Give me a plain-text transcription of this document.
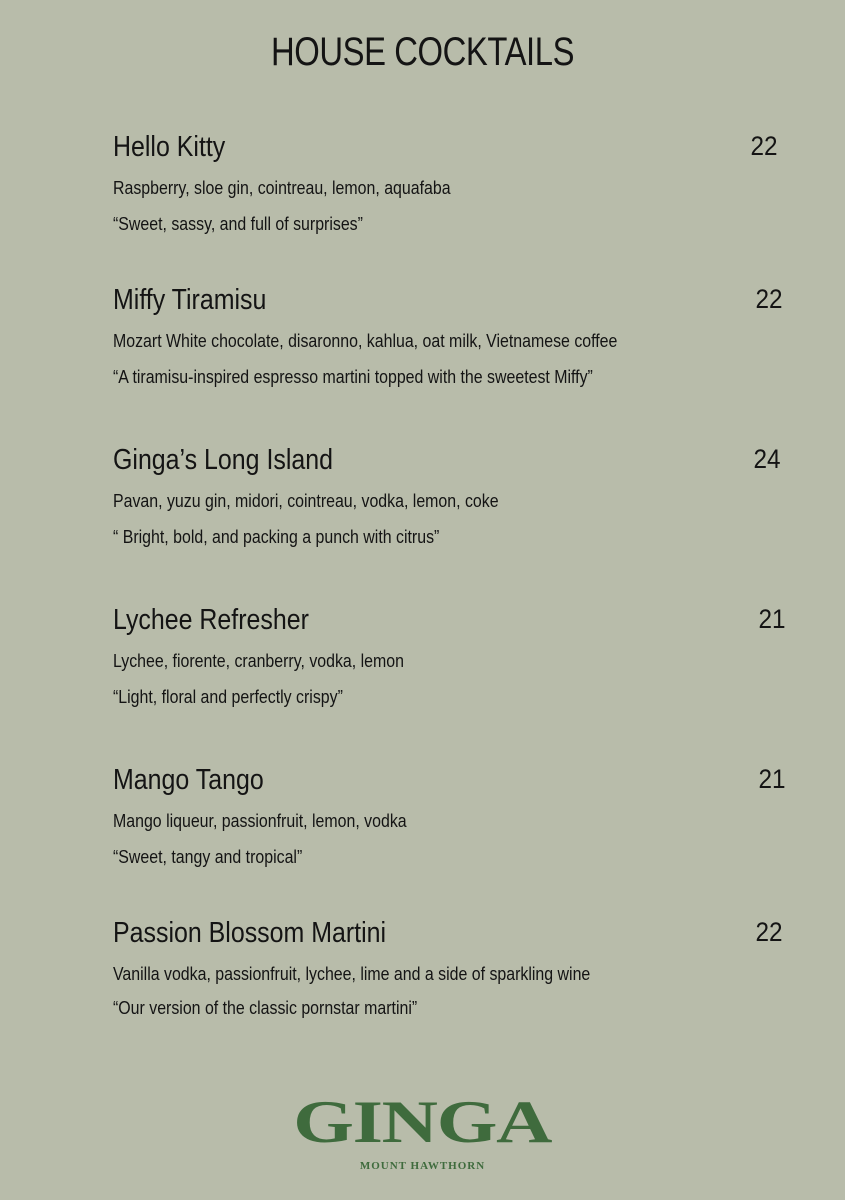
HOUSE COCKTAILS
Hello Kitty	22
Raspberry, sloe gin, cointreau, lemon, aquafaba
“Sweet, sassy, and full of surprises”
Miffy Tiramisu	22
Mozart White chocolate, disaronno, kahlua, oat milk, Vietnamese coffee
“A tiramisu-inspired espresso martini topped with the sweetest Miffy”
Ginga’s Long Island	24
Pavan, yuzu gin, midori, cointreau, vodka, lemon, coke
“ Bright, bold, and packing a punch with citrus”
Lychee Refresher	21
Lychee, fiorente, cranberry, vodka, lemon
“Light, floral and perfectly crispy”
Mango Tango	21
Mango liqueur, passionfruit, lemon, vodka
“Sweet, tangy and tropical”
Passion Blossom Martini	22
Vanilla vodka, passionfruit, lychee, lime and a side of sparkling wine
“Our version of the classic pornstar martini”
GINGA
MOUNT HAWTHORN
